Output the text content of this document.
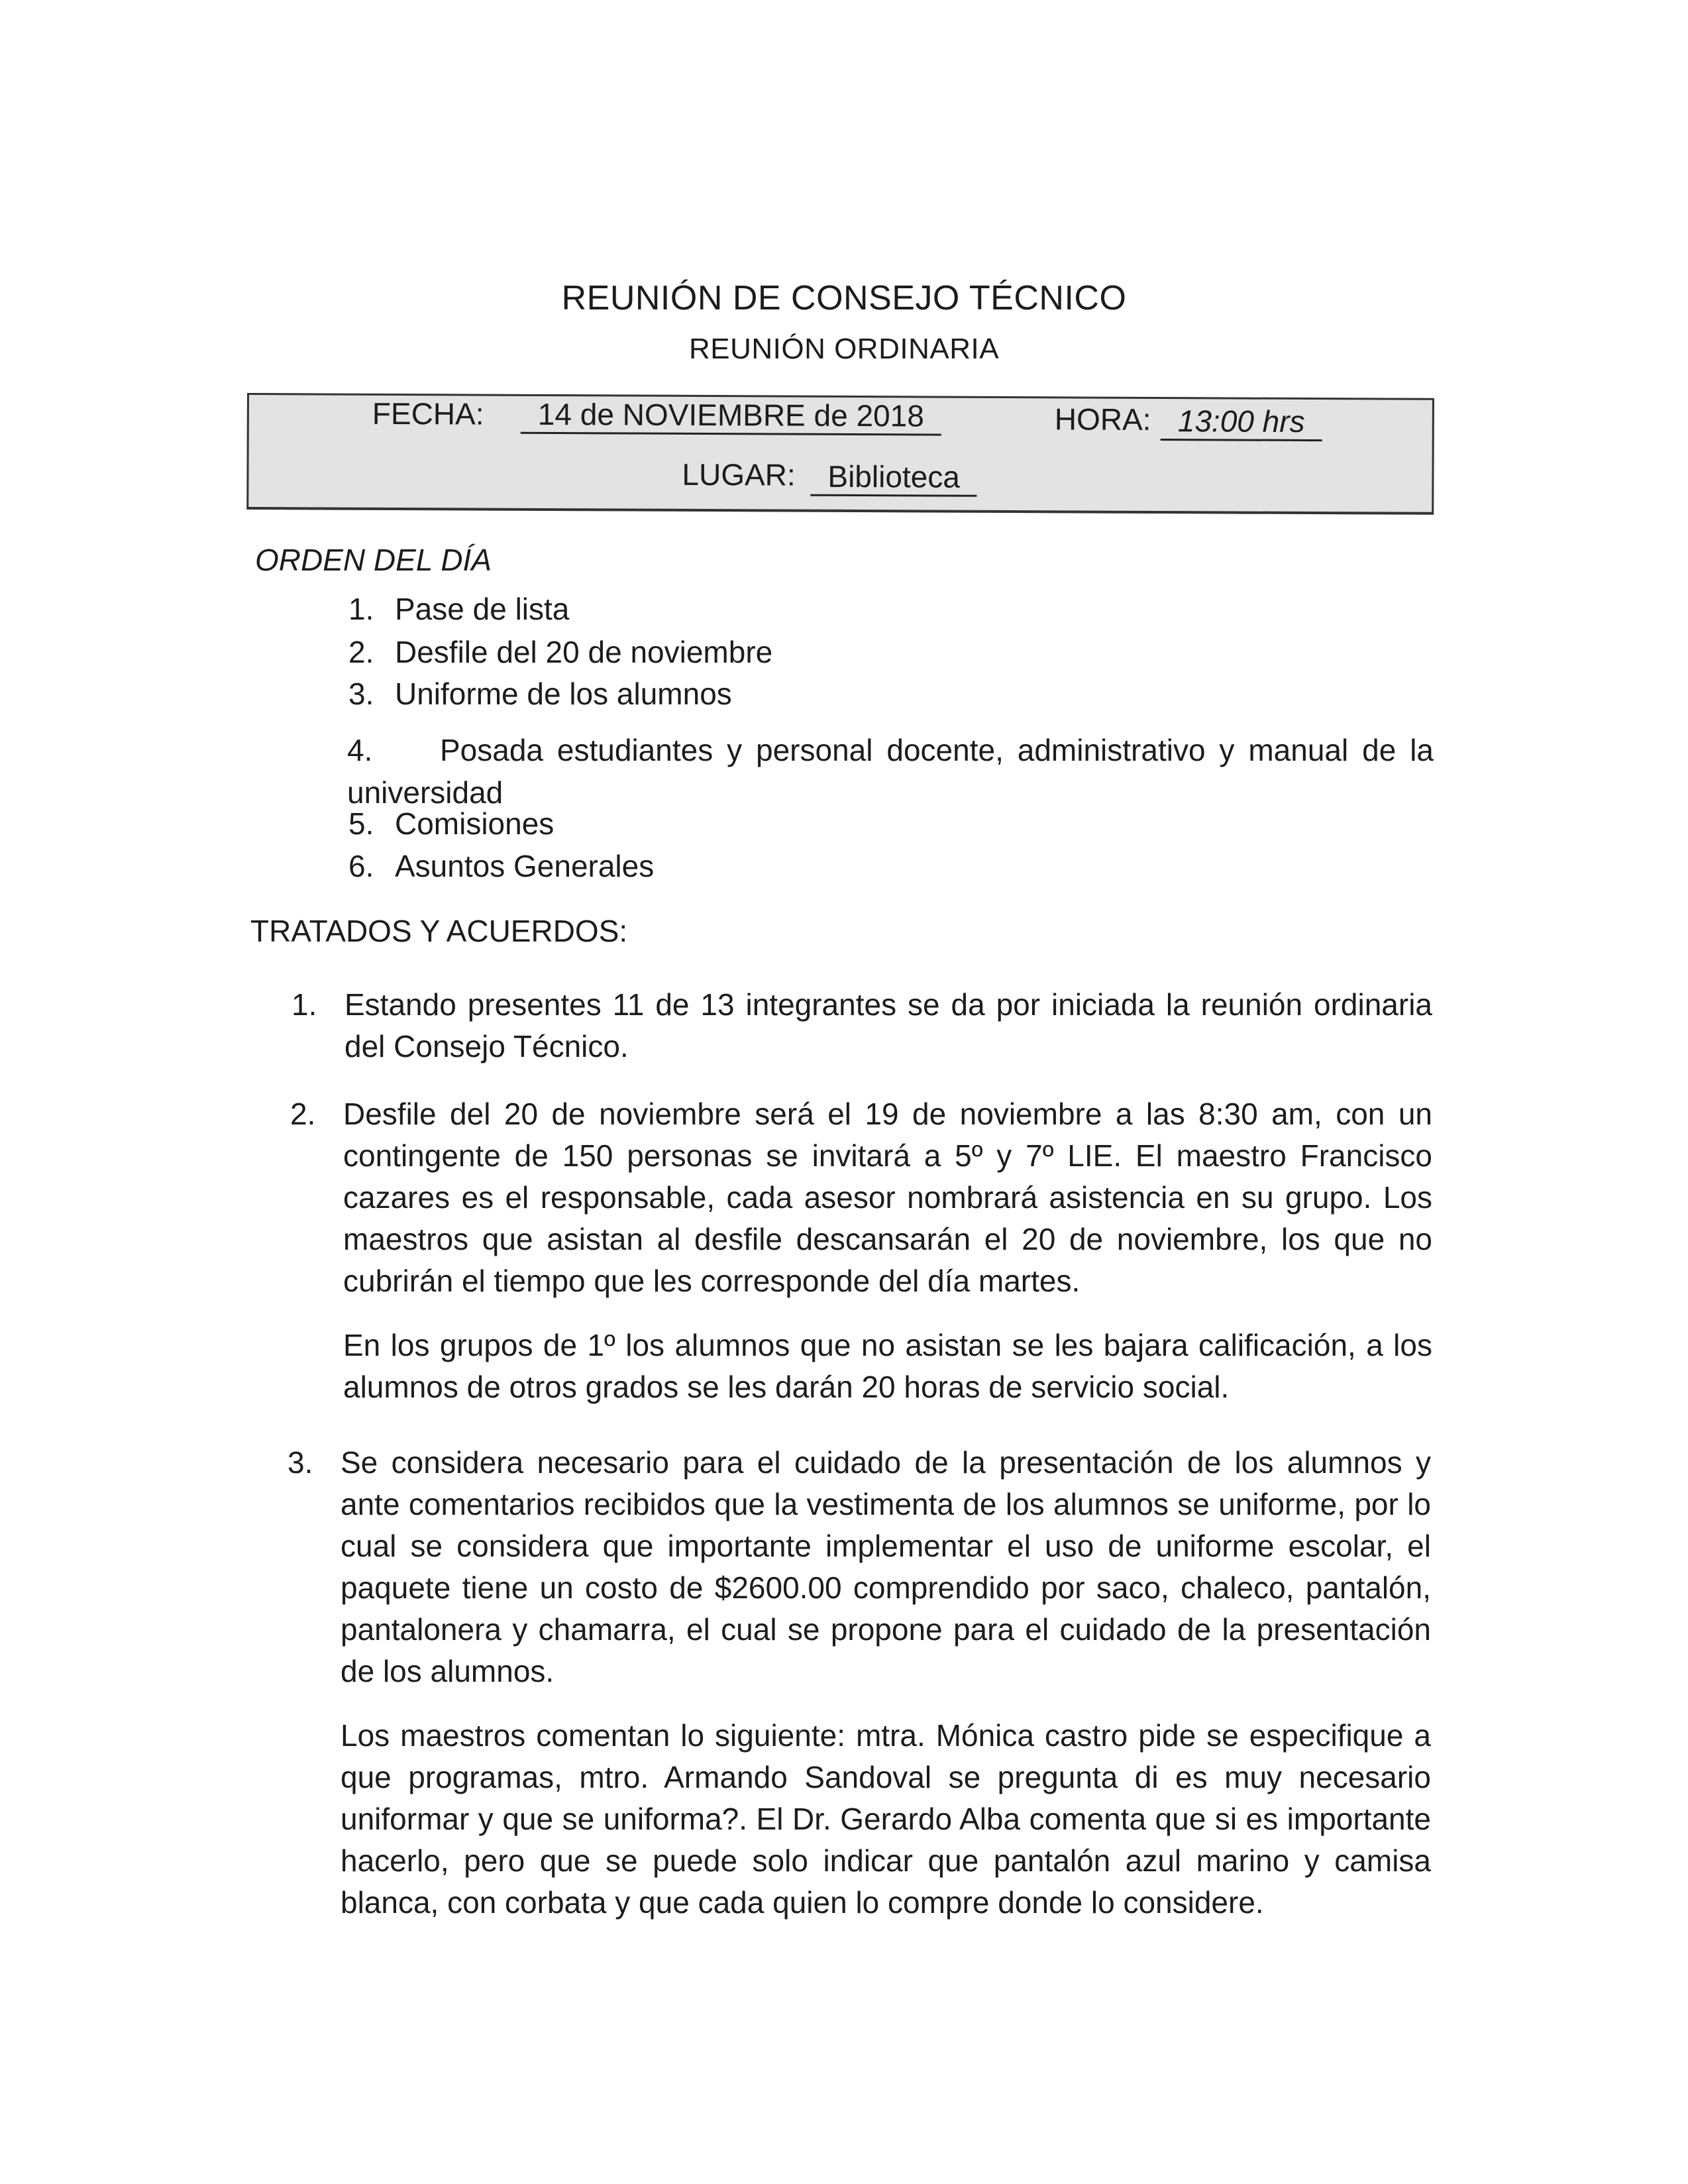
REUNIÓN DE CONSEJO TÉCNICO
REUNIÓN ORDINARIA
FECHA:	14 de NOVIEMBRE de 2018	HORA: 13:00 hrs
LUGAR:	Biblioteca
ORDEN DEL DÍA
1. Pase de lista
2. Desfile del 20 de noviembre
3. Uniforme de los alumnos
4. Posada estudiantes y personal docente, administrativo y manual de la universidad
5. Comisiones
6. Asuntos Generales
TRATADOS Y ACUERDOS:
1. Estando presentes 11 de 13 integrantes se da por iniciada la reunión ordinaria del Consejo Técnico.

2. Desfile del 20 de noviembre será el 19 de noviembre a las 8:30 am, con un contingente de 150 personas se invitará a 5º y 7º LIE. El maestro Francisco cazares es el responsable, cada asesor nombrará asistencia en su grupo. Los maestros que asistan al desfile descansarán el 20 de noviembre, los que no cubrirán el tiempo que les corresponde del día martes.

En los grupos de 1º los alumnos que no asistan se les bajara calificación, a los alumnos de otros grados se les darán 20 horas de servicio social.

3. Se considera necesario para el cuidado de la presentación de los alumnos y ante comentarios recibidos que la vestimenta de los alumnos se uniforme, por lo cual se considera que importante implementar el uso de uniforme escolar, el paquete tiene un costo de $2600.00 comprendido por saco, chaleco, pantalón, pantalonera y chamarra, el cual se propone para el cuidado de la presentación de los alumnos.

Los maestros comentan lo siguiente: mtra. Mónica castro pide se especifique a que programas, mtro. Armando Sandoval se pregunta di es muy necesario uniformar y que se uniforma?. El Dr. Gerardo Alba comenta que si es importante hacerlo, pero que se puede solo indicar que pantalón azul marino y camisa blanca, con corbata y que cada quien lo compre donde lo considere.
